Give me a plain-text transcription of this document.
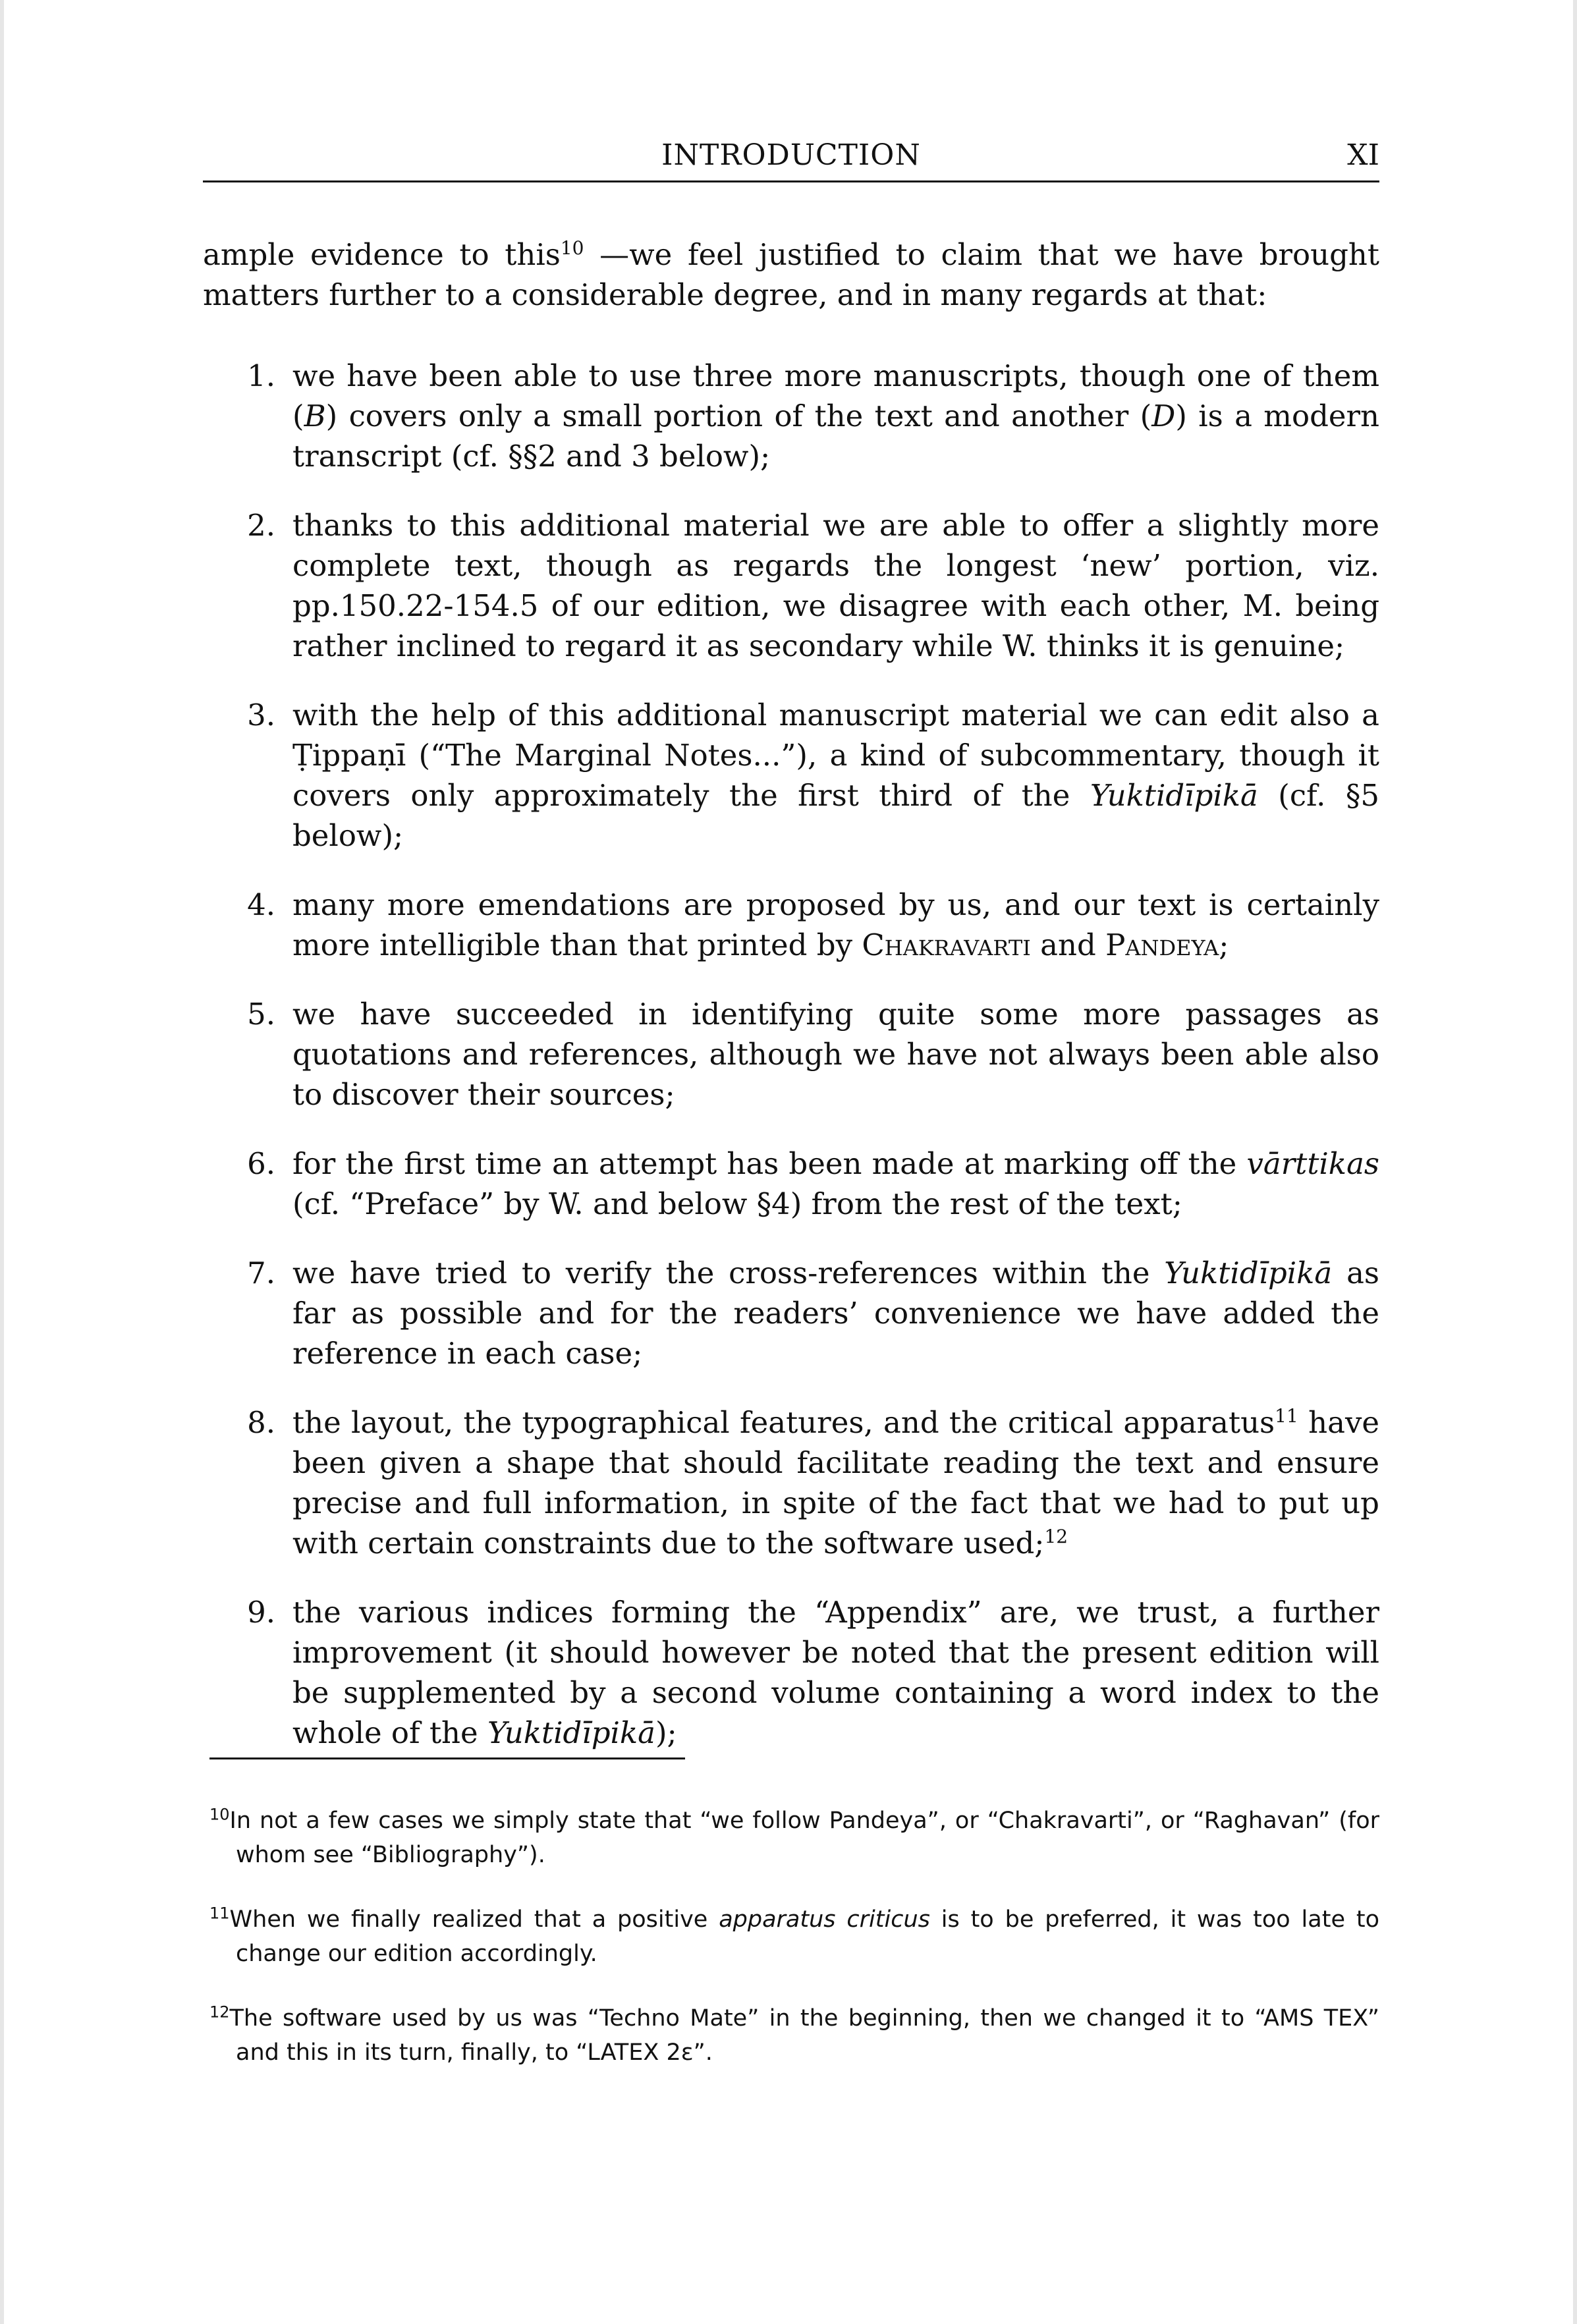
INTRODUCTION	XI

ample evidence to this$^{10}$ —we feel justified to claim that we have brought matters further to a considerable degree, and in many regards at that:

1. we have been able to use three more manuscripts, though one of them (B) covers only a small portion of the text and another (D) is a modern transcript (cf. §§2 and 3 below);
2. thanks to this additional material we are able to offer a slightly more complete text, though as regards the longest ‘new’ portion, viz. pp.150.22-154.5 of our edition, we disagree with each other, M. being rather inclined to regard it as secondary while W. thinks it is genuine;
3. with the help of this additional manuscript material we can edit also a Ṭippaṇī (“The Marginal Notes...”), a kind of subcommentary, though it covers only approximately the first third of the Yuktidīpikā (cf. §5 below);
4. many more emendations are proposed by us, and our text is certainly more intelligible than that printed by Chakravarti and Pandeya;
5. we have succeeded in identifying quite some more passages as quotations and references, although we have not always been able also to discover their sources;
6. for the first time an attempt has been made at marking off the vārttikas (cf. “Preface” by W. and below §4) from the rest of the text;
7. we have tried to verify the cross-references within the Yuktidīpikā as far as possible and for the readers’ convenience we have added the reference in each case;
8. the layout, the typographical features, and the critical apparatus$^{11}$ have been given a shape that should facilitate reading the text and ensure precise and full information, in spite of the fact that we had to put up with certain constraints due to the software used;$^{12}$
9. the various indices forming the “Appendix” are, we trust, a further improvement (it should however be noted that the present edition will be supplemented by a second volume containing a word index to the whole of the Yuktidīpikā);
$^{10}$In not a few cases we simply state that “we follow Pandeya”, or “Chakravarti”, or “Raghavan” (for whom see “Bibliography”).
$^{11}$When we finally realized that a positive apparatus criticus is to be preferred, it was too late to change our edition accordingly.
$^{12}$The software used by us was “Techno Mate” in the beginning, then we changed it to “AMS TEX” and this in its turn, finally, to “LATEX 2ε”.
